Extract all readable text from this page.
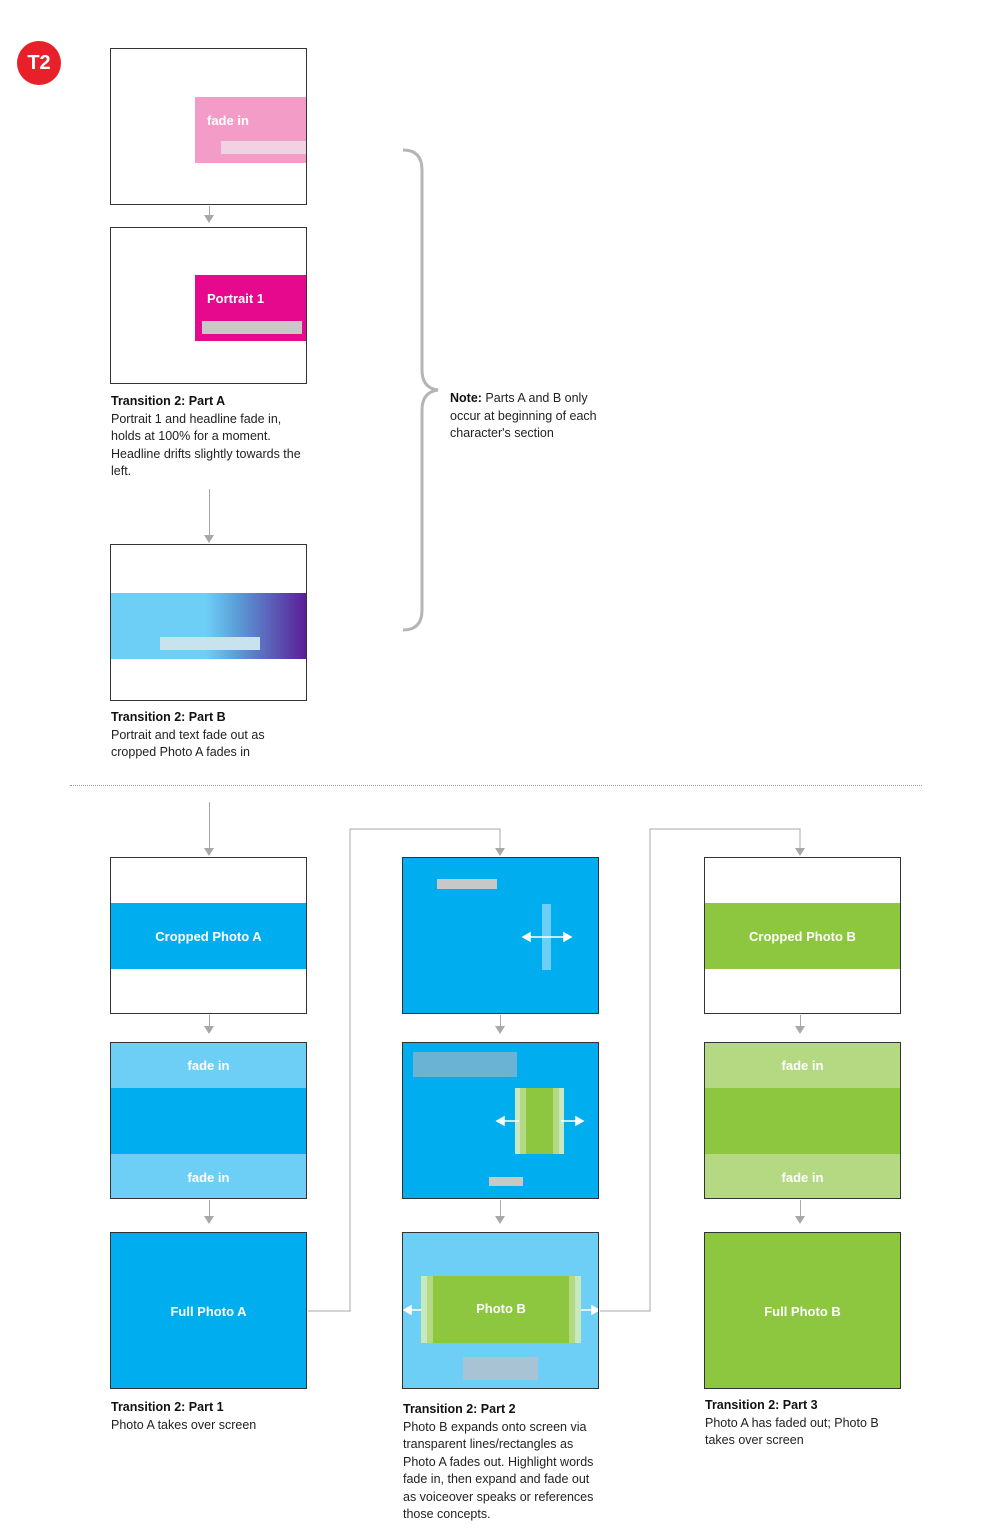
T2
fade in
Portrait 1
Transition 2: Part A
Portrait 1 and headline fade in, holds at 100% for a moment. Headline drifts slightly towards the left.
Transition 2: Part B
Portrait and text fade out as cropped Photo A fades in
Note: Parts A and B only occur at beginning of each character's section
Cropped Photo A
fade in
fade in
Full Photo A
Transition 2: Part 1
Photo A takes over screen
Photo B
Transition 2: Part 2
Photo B expands onto screen via transparent lines/rectangles as Photo A fades out. Highlight words fade in, then expand and fade out as voiceover speaks or references those concepts.
Cropped Photo B
fade in
fade in
Full Photo B
Transition 2: Part 3
Photo A has faded out; Photo B takes over screen
